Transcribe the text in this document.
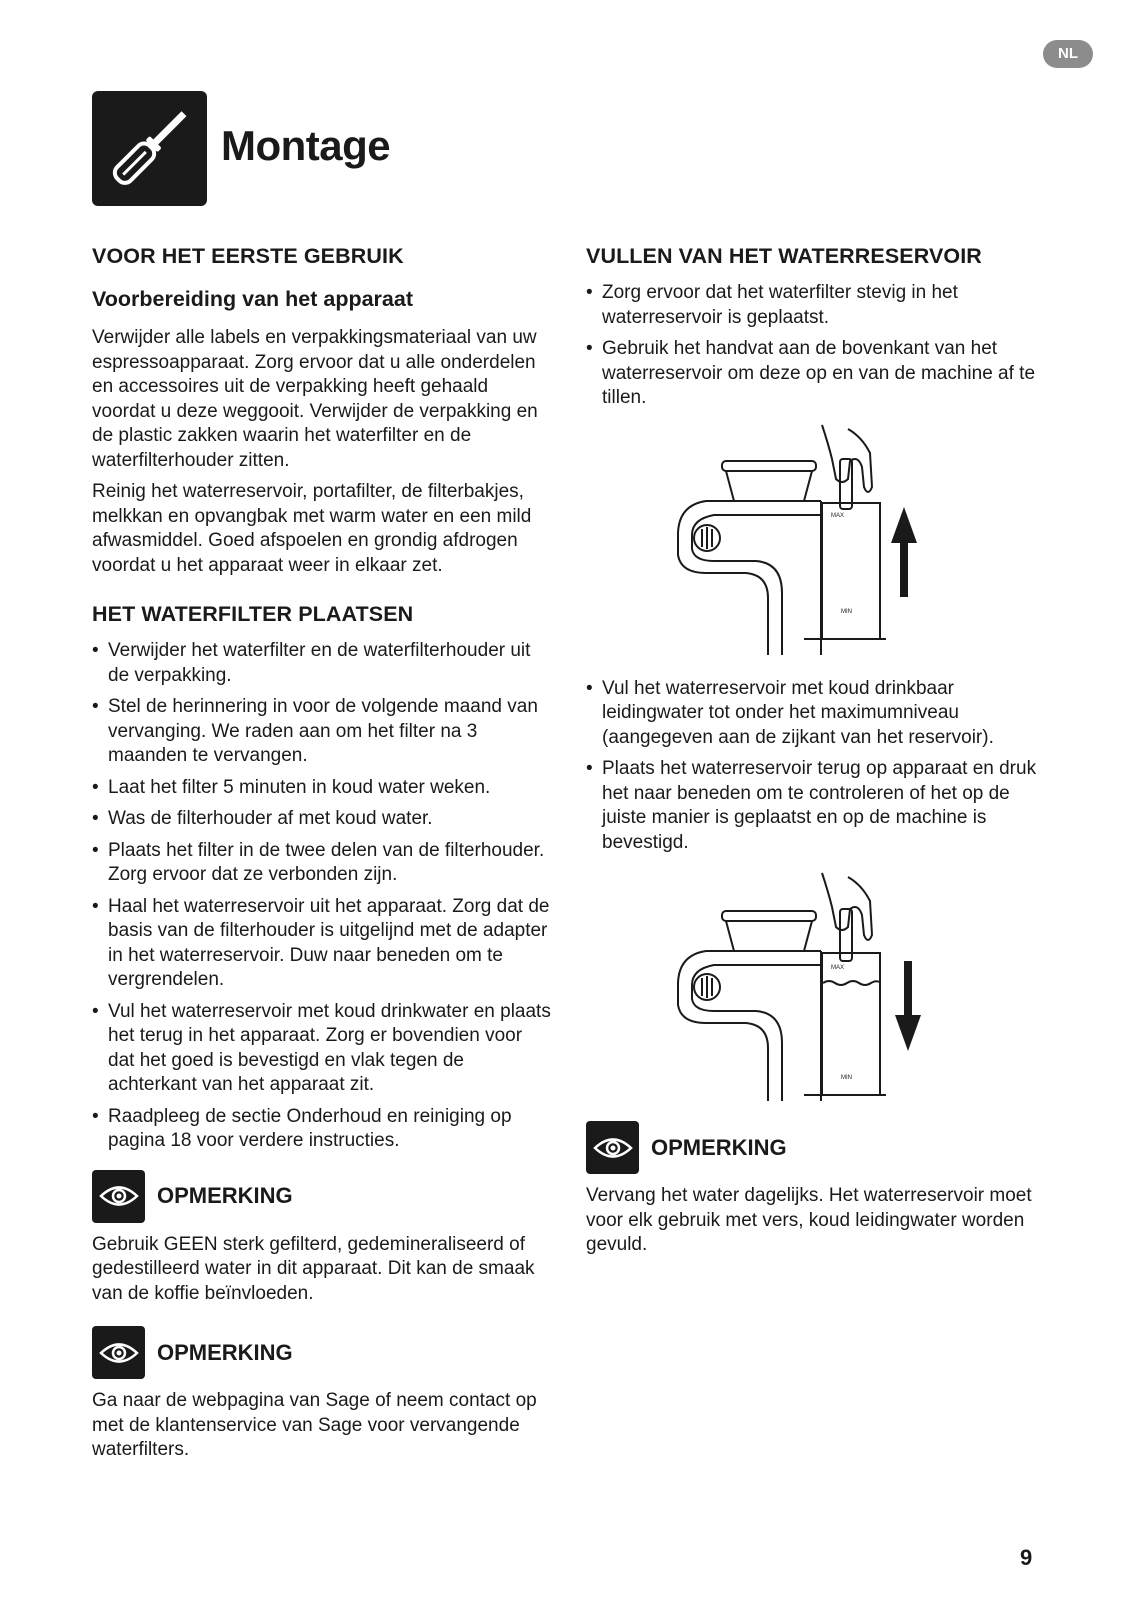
NL
Montage
VOOR HET EERSTE GEBRUIK
Voorbereiding van het apparaat

Verwijder alle labels en verpakkingsmateriaal van uw espressoapparaat. Zorg ervoor dat u alle onderdelen en accessoires uit de verpakking heeft gehaald voordat u deze weggooit. Verwijder de verpakking en de plastic zakken waarin het waterfilter en de waterfilterhouder zitten.

Reinig het waterreservoir, portafilter, de filterbakjes, melkkan en opvangbak met warm water en een mild afwasmiddel. Goed afspoelen en grondig afdrogen voordat u het apparaat weer in elkaar zet.

HET WATERFILTER PLAATSEN
• Verwijder het waterfilter en de waterfilterhouder uit de verpakking.
• Stel de herinnering in voor de volgende maand van vervanging. We raden aan om het filter na 3 maanden te vervangen.
• Laat het filter 5 minuten in koud water weken.
• Was de filterhouder af met koud water.
• Plaats het filter in de twee delen van de filterhouder. Zorg ervoor dat ze verbonden zijn.
• Haal het waterreservoir uit het apparaat. Zorg dat de basis van de filterhouder is uitgelijnd met de adapter in het waterreservoir. Duw naar beneden om te vergrendelen.
• Vul het waterreservoir met koud drinkwater en plaats het terug in het apparaat. Zorg er bovendien voor dat het goed is bevestigd en vlak tegen de achterkant van het apparaat zit.
• Raadpleeg de sectie Onderhoud en reiniging op pagina 18 voor verdere instructies.
OPMERKING

Gebruik GEEN sterk gefilterd, gedemineraliseerd of gedestilleerd water in dit apparaat. Dit kan de smaak van de koffie beïnvloeden.

OPMERKING

Ga naar de webpagina van Sage of neem contact op met de klantenservice van Sage voor vervangende waterfilters.

VULLEN VAN HET WATERRESERVOIR
• Zorg ervoor dat het waterfilter stevig in het waterreservoir is geplaatst.
• Gebruik het handvat aan de bovenkant van het waterreservoir om deze op en van de machine af te tillen.
MAX
MIN
• Vul het waterreservoir met koud drinkbaar leidingwater tot onder het maximumniveau (aangegeven aan de zijkant van het reservoir).
• Plaats het waterreservoir terug op apparaat en druk het naar beneden om te controleren of het op de juiste manier is geplaatst en op de machine is bevestigd.
MAX
MIN
OPMERKING

Vervang het water dagelijks. Het waterreservoir moet voor elk gebruik met vers, koud leidingwater worden gevuld.

9
